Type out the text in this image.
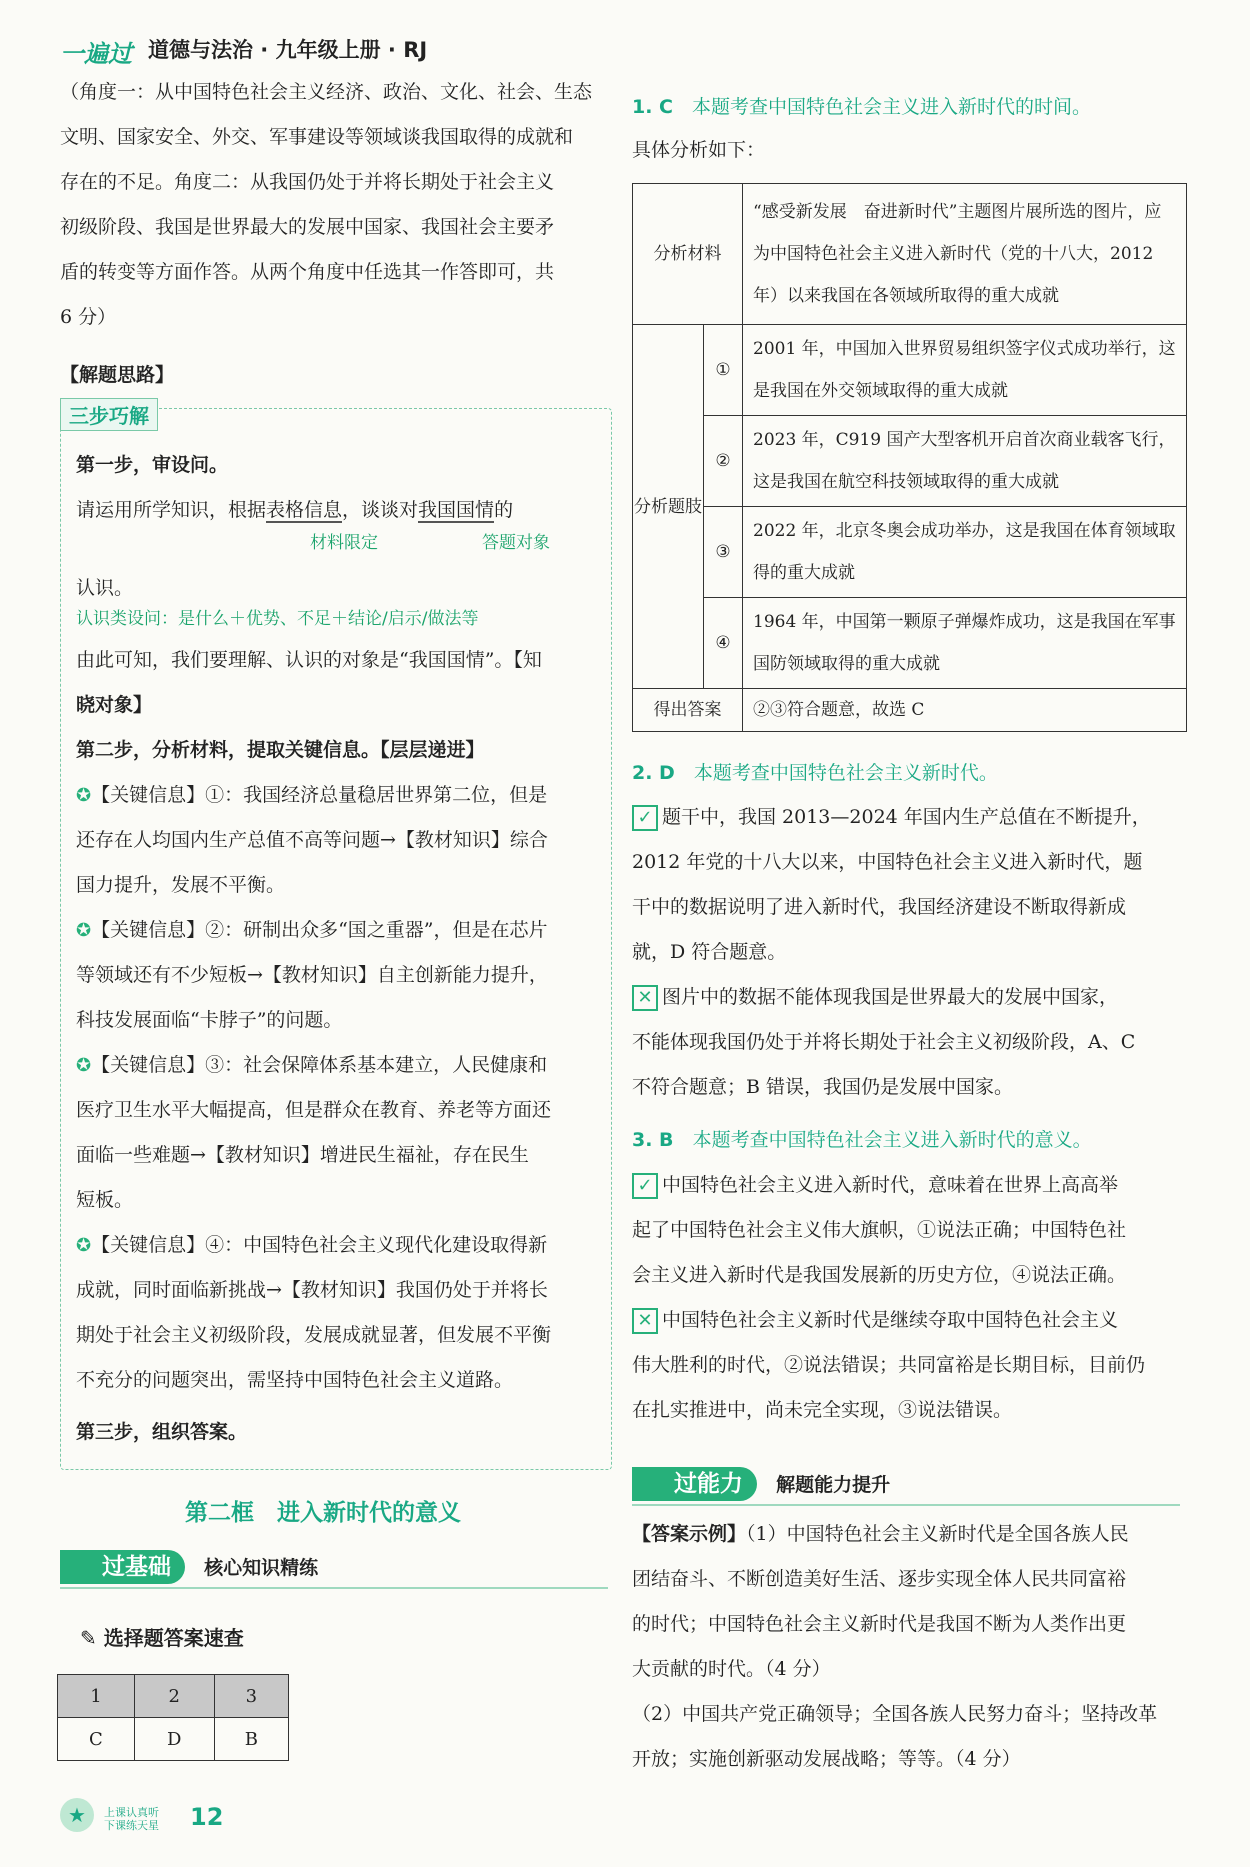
一遍过 道德与法治 · 九年级上册 · RJ
（角度一：从中国特色社会主义经济、政治、文化、社会、生态
文明、国家安全、外交、军事建设等领域谈我国取得的成就和
存在的不足。角度二：从我国仍处于并将长期处于社会主义
初级阶段、我国是世界最大的发展中国家、我国社会主要矛
盾的转变等方面作答。从两个角度中任选其一作答即可，共
6 分）
【解题思路】
三步巧解
第一步，审设问。
请运用所学知识，根据表格信息，谈谈对我国国情的
材料限定	答题对象
认识。
认识类设问：是什么＋优势、不足＋结论/启示/做法等
由此可知，我们要理解、认识的对象是“我国国情”。【知
晓对象】
第二步，分析材料，提取关键信息。【层层递进】
✪【关键信息】①：我国经济总量稳居世界第二位，但是
还存在人均国内生产总值不高等问题→【教材知识】综合
国力提升，发展不平衡。
✪【关键信息】②：研制出众多“国之重器”，但是在芯片
等领域还有不少短板→【教材知识】自主创新能力提升，
科技发展面临“卡脖子”的问题。
✪【关键信息】③：社会保障体系基本建立，人民健康和
医疗卫生水平大幅提高，但是群众在教育、养老等方面还
面临一些难题→【教材知识】增进民生福祉，存在民生
短板。
✪【关键信息】④：中国特色社会主义现代化建设取得新
成就，同时面临新挑战→【教材知识】我国仍处于并将长
期处于社会主义初级阶段，发展成就显著，但发展不平衡
不充分的问题突出，需坚持中国特色社会主义道路。
第三步，组织答案。
第二框　进入新时代的意义
过基础 核心知识精练
✎ 选择题答案速查
1	2	3
C	D	B
1. C　 本题考查中国特色社会主义进入新时代的时间。
具体分析如下：
分析材料		“感受新发展　奋进新时代”主题图片展所选的图片，应为中国特色社会主义进入新时代（党的十八大，2012 年）以来我国在各领域所取得的重大成就
分析题肢	①	2001 年，中国加入世界贸易组织签字仪式成功举行，这是我国在外交领域取得的重大成就
	②	2023 年，C919 国产大型客机开启首次商业载客飞行，这是我国在航空科技领域取得的重大成就
	③	2022 年，北京冬奥会成功举办，这是我国在体育领域取得的重大成就
	④	1964 年，中国第一颗原子弹爆炸成功，这是我国在军事国防领域取得的重大成就
得出答案		②③符合题意，故选 C
2. D　 本题考查中国特色社会主义新时代。
✓ 题干中，我国 2013—2024 年国内生产总值在不断提升，
2012 年党的十八大以来，中国特色社会主义进入新时代，题
干中的数据说明了进入新时代，我国经济建设不断取得新成
就，D 符合题意。
✕ 图片中的数据不能体现我国是世界最大的发展中国家，
不能体现我国仍处于并将长期处于社会主义初级阶段，A、C
不符合题意；B 错误，我国仍是发展中国家。
3. B　 本题考查中国特色社会主义进入新时代的意义。
✓ 中国特色社会主义进入新时代，意味着在世界上高高举
起了中国特色社会主义伟大旗帜，①说法正确；中国特色社
会主义进入新时代是我国发展新的历史方位，④说法正确。
✕ 中国特色社会主义新时代是继续夺取中国特色社会主义
伟大胜利的时代，②说法错误；共同富裕是长期目标，目前仍
在扎实推进中，尚未完全实现，③说法错误。
过能力 解题能力提升
【答案示例】（1）中国特色社会主义新时代是全国各族人民
团结奋斗、不断创造美好生活、逐步实现全体人民共同富裕
的时代；中国特色社会主义新时代是我国不断为人类作出更
大贡献的时代。（4 分）
（2）中国共产党正确领导；全国各族人民努力奋斗；坚持改革
开放；实施创新驱动发展战略；等等。（4 分）
★	上课认真听
下课练天星 12
